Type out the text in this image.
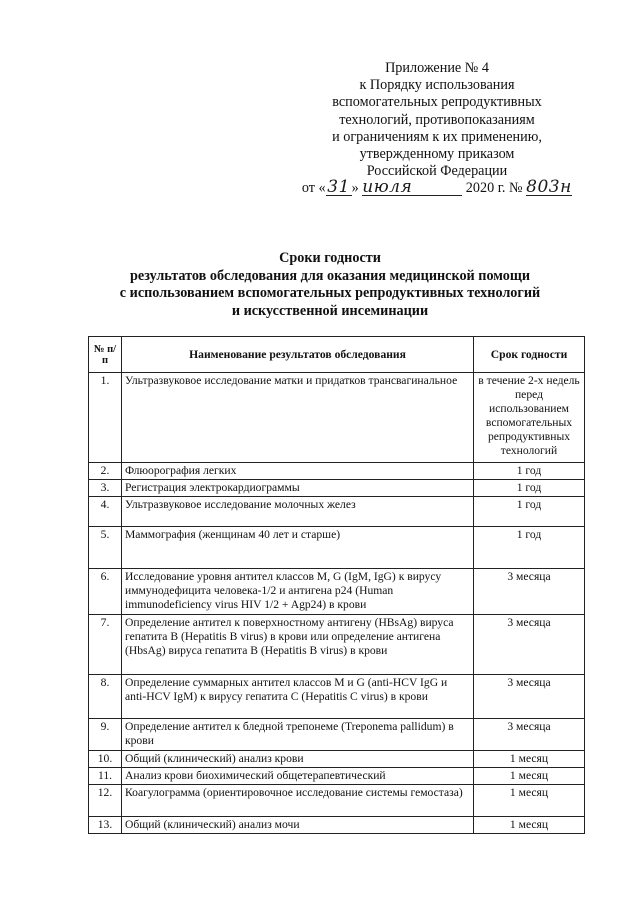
Приложение № 4
к Порядку использования
вспомогательных репродуктивных
технологий, противопоказаниям
и ограничениям к их применению,
утвержденному приказом
Российской Федерации
от «31 » июля	2020 г. № 803н
Сроки годности
результатов обследования для оказания медицинской помощи
с использованием вспомогательных репродуктивных технологий
и искусственной инсеминации
№ п/п	Наименование результатов обследования	Срок годности
1.	Ультразвуковое исследование матки и придатков трансвагинальное	в течение 2-х недель перед использованием вспомогательных репродуктивных технологий
2.	Флюорография легких	1 год
3.	Регистрация электрокардиограммы	1 год
4.	Ультразвуковое исследование молочных желез	1 год
5.	Маммография (женщинам 40 лет и старше)	1 год
6.	Исследование уровня антител классов M, G (IgM, IgG) к вирусу иммунодефицита человека-1/2 и антигена p24 (Human immunodeficiency virus HIV 1/2 + Agp24) в крови	3 месяца
7.	Определение антител к поверхностному антигену (HBsAg) вируса гепатита B (Hepatitis B virus) в крови или определение антигена (HbsAg) вируса гепатита B (Hepatitis B virus) в крови	3 месяца
8.	Определение суммарных антител классов M и G (anti-HCV IgG и anti-HCV IgM) к вирусу гепатита C (Hepatitis C virus) в крови	3 месяца
9.	Определение антител к бледной трепонеме (Treponema pallidum) в крови	3 месяца
10.	Общий (клинический) анализ крови	1 месяц
11.	Анализ крови биохимический общетерапевтический	1 месяц
12.	Коагулограмма (ориентировочное исследование системы гемостаза)	1 месяц
13.	Общий (клинический) анализ мочи	1 месяц
